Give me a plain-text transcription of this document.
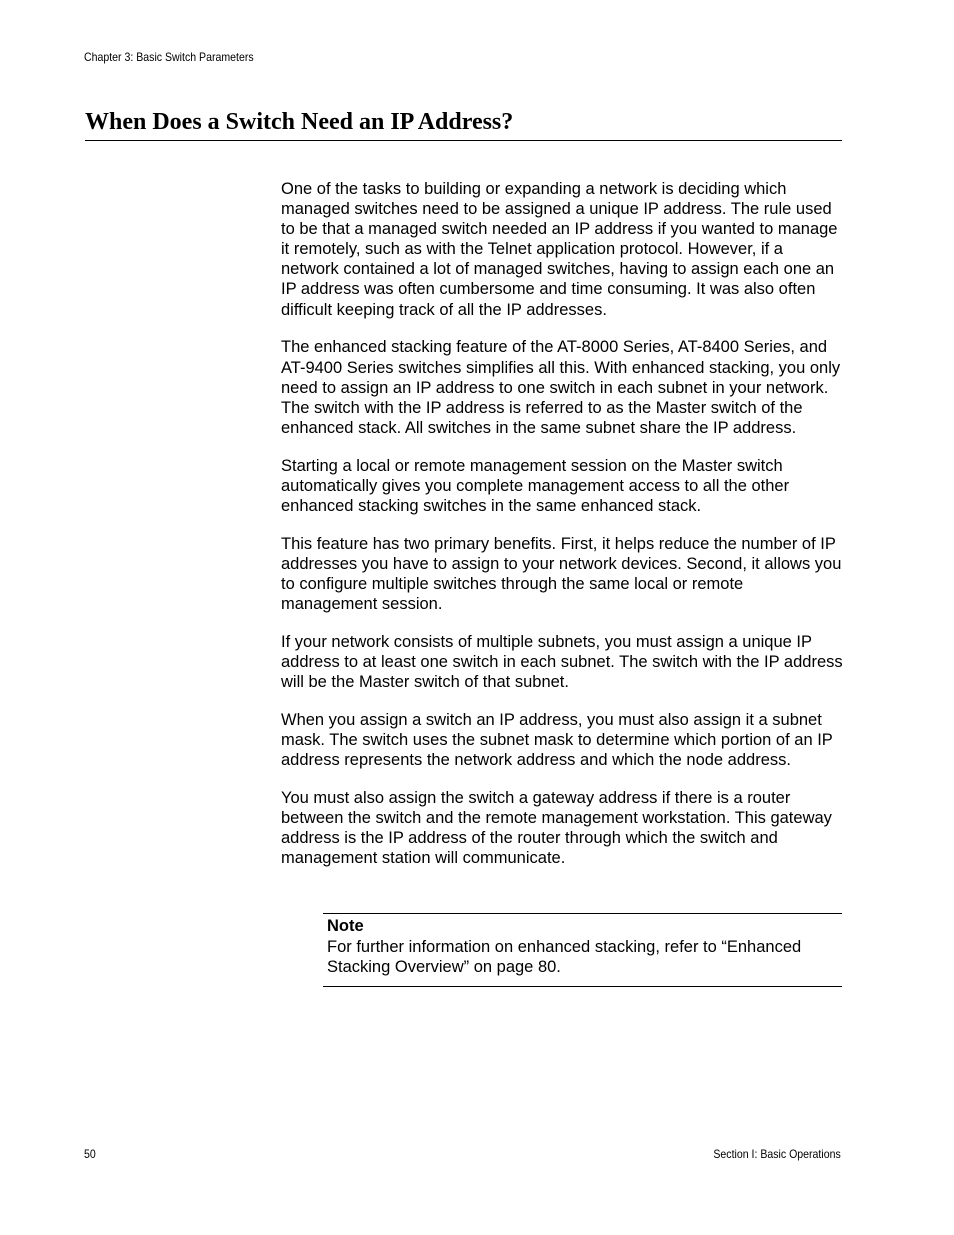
Chapter 3: Basic Switch Parameters
When Does a Switch Need an IP Address?

One of the tasks to building or expanding a network is deciding which managed switches need to be assigned a unique IP address. The rule used to be that a managed switch needed an IP address if you wanted to manage it remotely, such as with the Telnet application protocol. However, if a network contained a lot of managed switches, having to assign each one an IP address was often cumbersome and time consuming. It was also often difficult keeping track of all the IP addresses.

The enhanced stacking feature of the AT-8000 Series, AT-8400 Series, and AT-9400 Series switches simplifies all this. With enhanced stacking, you only need to assign an IP address to one switch in each subnet in your network. The switch with the IP address is referred to as the Master switch of the enhanced stack. All switches in the same subnet share the IP address.

Starting a local or remote management session on the Master switch automatically gives you complete management access to all the other enhanced stacking switches in the same enhanced stack.

This feature has two primary benefits. First, it helps reduce the number of IP addresses you have to assign to your network devices. Second, it allows you to configure multiple switches through the same local or remote management session.

If your network consists of multiple subnets, you must assign a unique IP address to at least one switch in each subnet. The switch with the IP address will be the Master switch of that subnet.

When you assign a switch an IP address, you must also assign it a subnet mask. The switch uses the subnet mask to determine which portion of an IP address represents the network address and which the node address.

You must also assign the switch a gateway address if there is a router between the switch and the remote management workstation. This gateway address is the IP address of the router through which the switch and management station will communicate.

Note
For further information on enhanced stacking, refer to “Enhanced Stacking Overview” on page 80.
50	Section I: Basic Operations
